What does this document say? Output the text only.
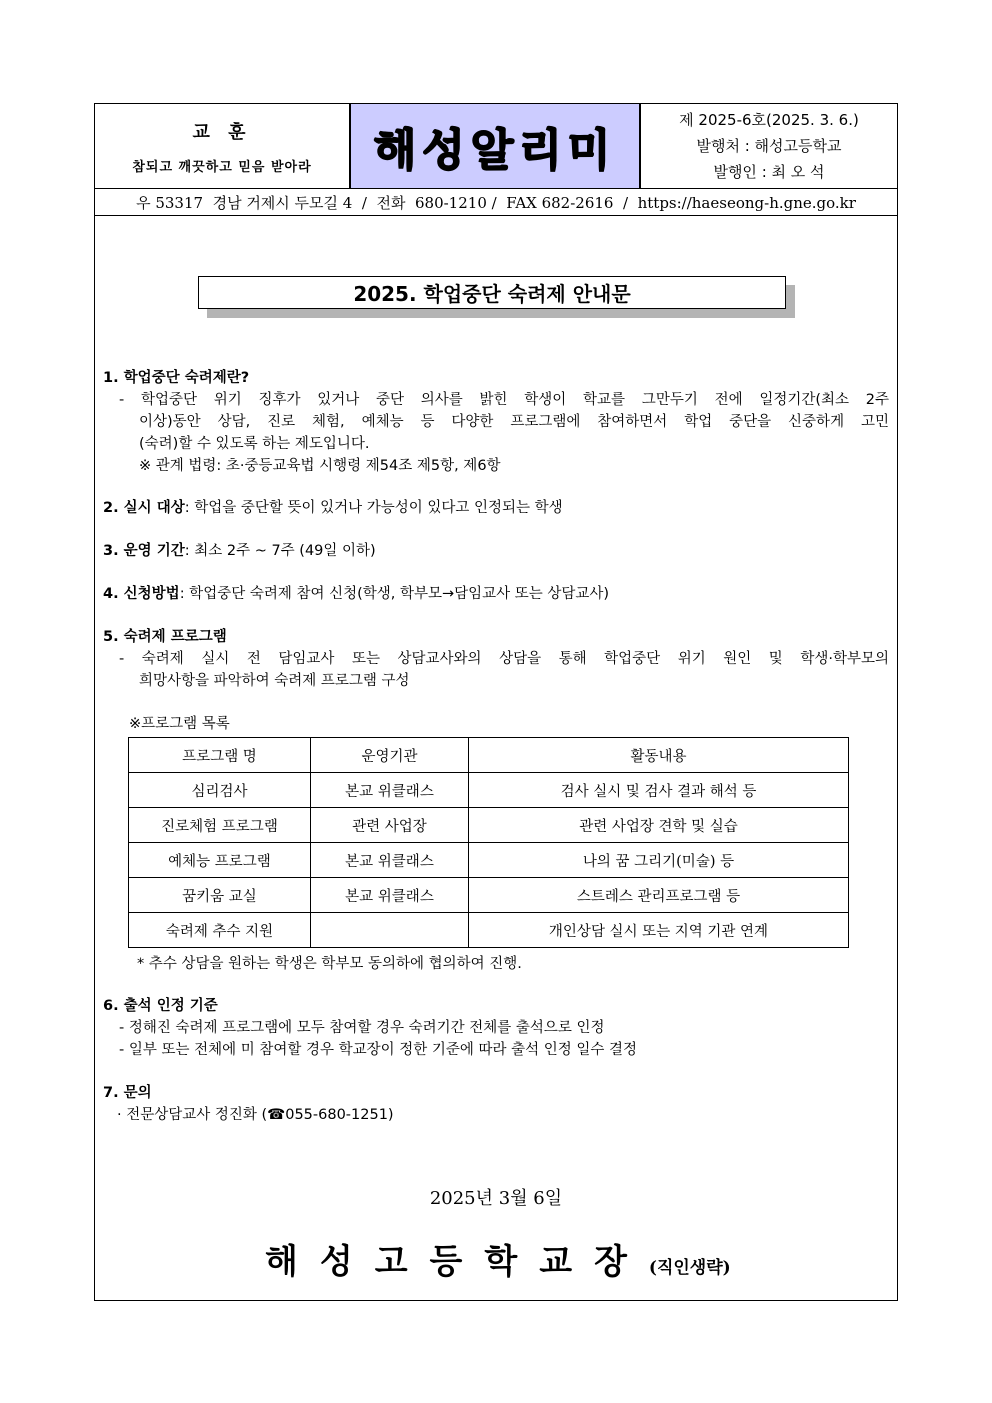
교 훈
참되고 깨끗하고 믿음 받아라 해성알리미
제 2025-6호(2025. 3. 6.)
발행처 : 해성고등학교
발행인 : 최 오 석
우 53317  경남 거제시 두모길 4  /  전화  680-1210 /  FAX 682-2616  /  https://haeseong-h.gne.go.kr
2025. 학업중단 숙려제 안내문
1. 학업중단 숙려제란?
- 학업중단 위기 징후가 있거나 중단 의사를 밝힌 학생이 학교를 그만두기 전에 일정기간(최소 2주
이상)동안 상담, 진로 체험, 예체능 등 다양한 프로그램에 참여하면서 학업 중단을 신중하게 고민
(숙려)할 수 있도록 하는 제도입니다.
※ 관계 법령: 초·중등교육법 시행령 제54조 제5항, 제6항
2. 실시 대상: 학업을 중단할 뜻이 있거나 가능성이 있다고 인정되는 학생
3. 운영 기간: 최소 2주 ~ 7주 (49일 이하)
4. 신청방법: 학업중단 숙려제 참여 신청(학생, 학부모→담임교사 또는 상담교사)
5. 숙려제 프로그램
- 숙려제 실시 전 담임교사 또는 상담교사와의 상담을 통해 학업중단 위기 원인 및 학생·학부모의
희망사항을 파악하여 숙려제 프로그램 구성
※프로그램 목록
프로그램 명	운영기관	활동내용
심리검사	본교 위클래스	검사 실시 및 검사 결과 해석 등
진로체험 프로그램	관련 사업장	관련 사업장 견학 및 실습
예체능 프로그램	본교 위클래스	나의 꿈 그리기(미술) 등
꿈키움 교실	본교 위클래스	스트레스 관리프로그램 등
숙려제 추수 지원		개인상담 실시 또는 지역 기관 연계
* 추수 상담을 원하는 학생은 학부모 동의하에 협의하여 진행.
6. 출석 인정 기준
- 정해진 숙려제 프로그램에 모두 참여할 경우 숙려기간 전체를 출석으로 인정
- 일부 또는 전체에 미 참여할 경우 학교장이 정한 기준에 따라 출석 인정 일수 결정
7. 문의
· 전문상담교사 정진화 (☎055-680-1251)
2025년 3월 6일
해성고등학교장(직인생략)
